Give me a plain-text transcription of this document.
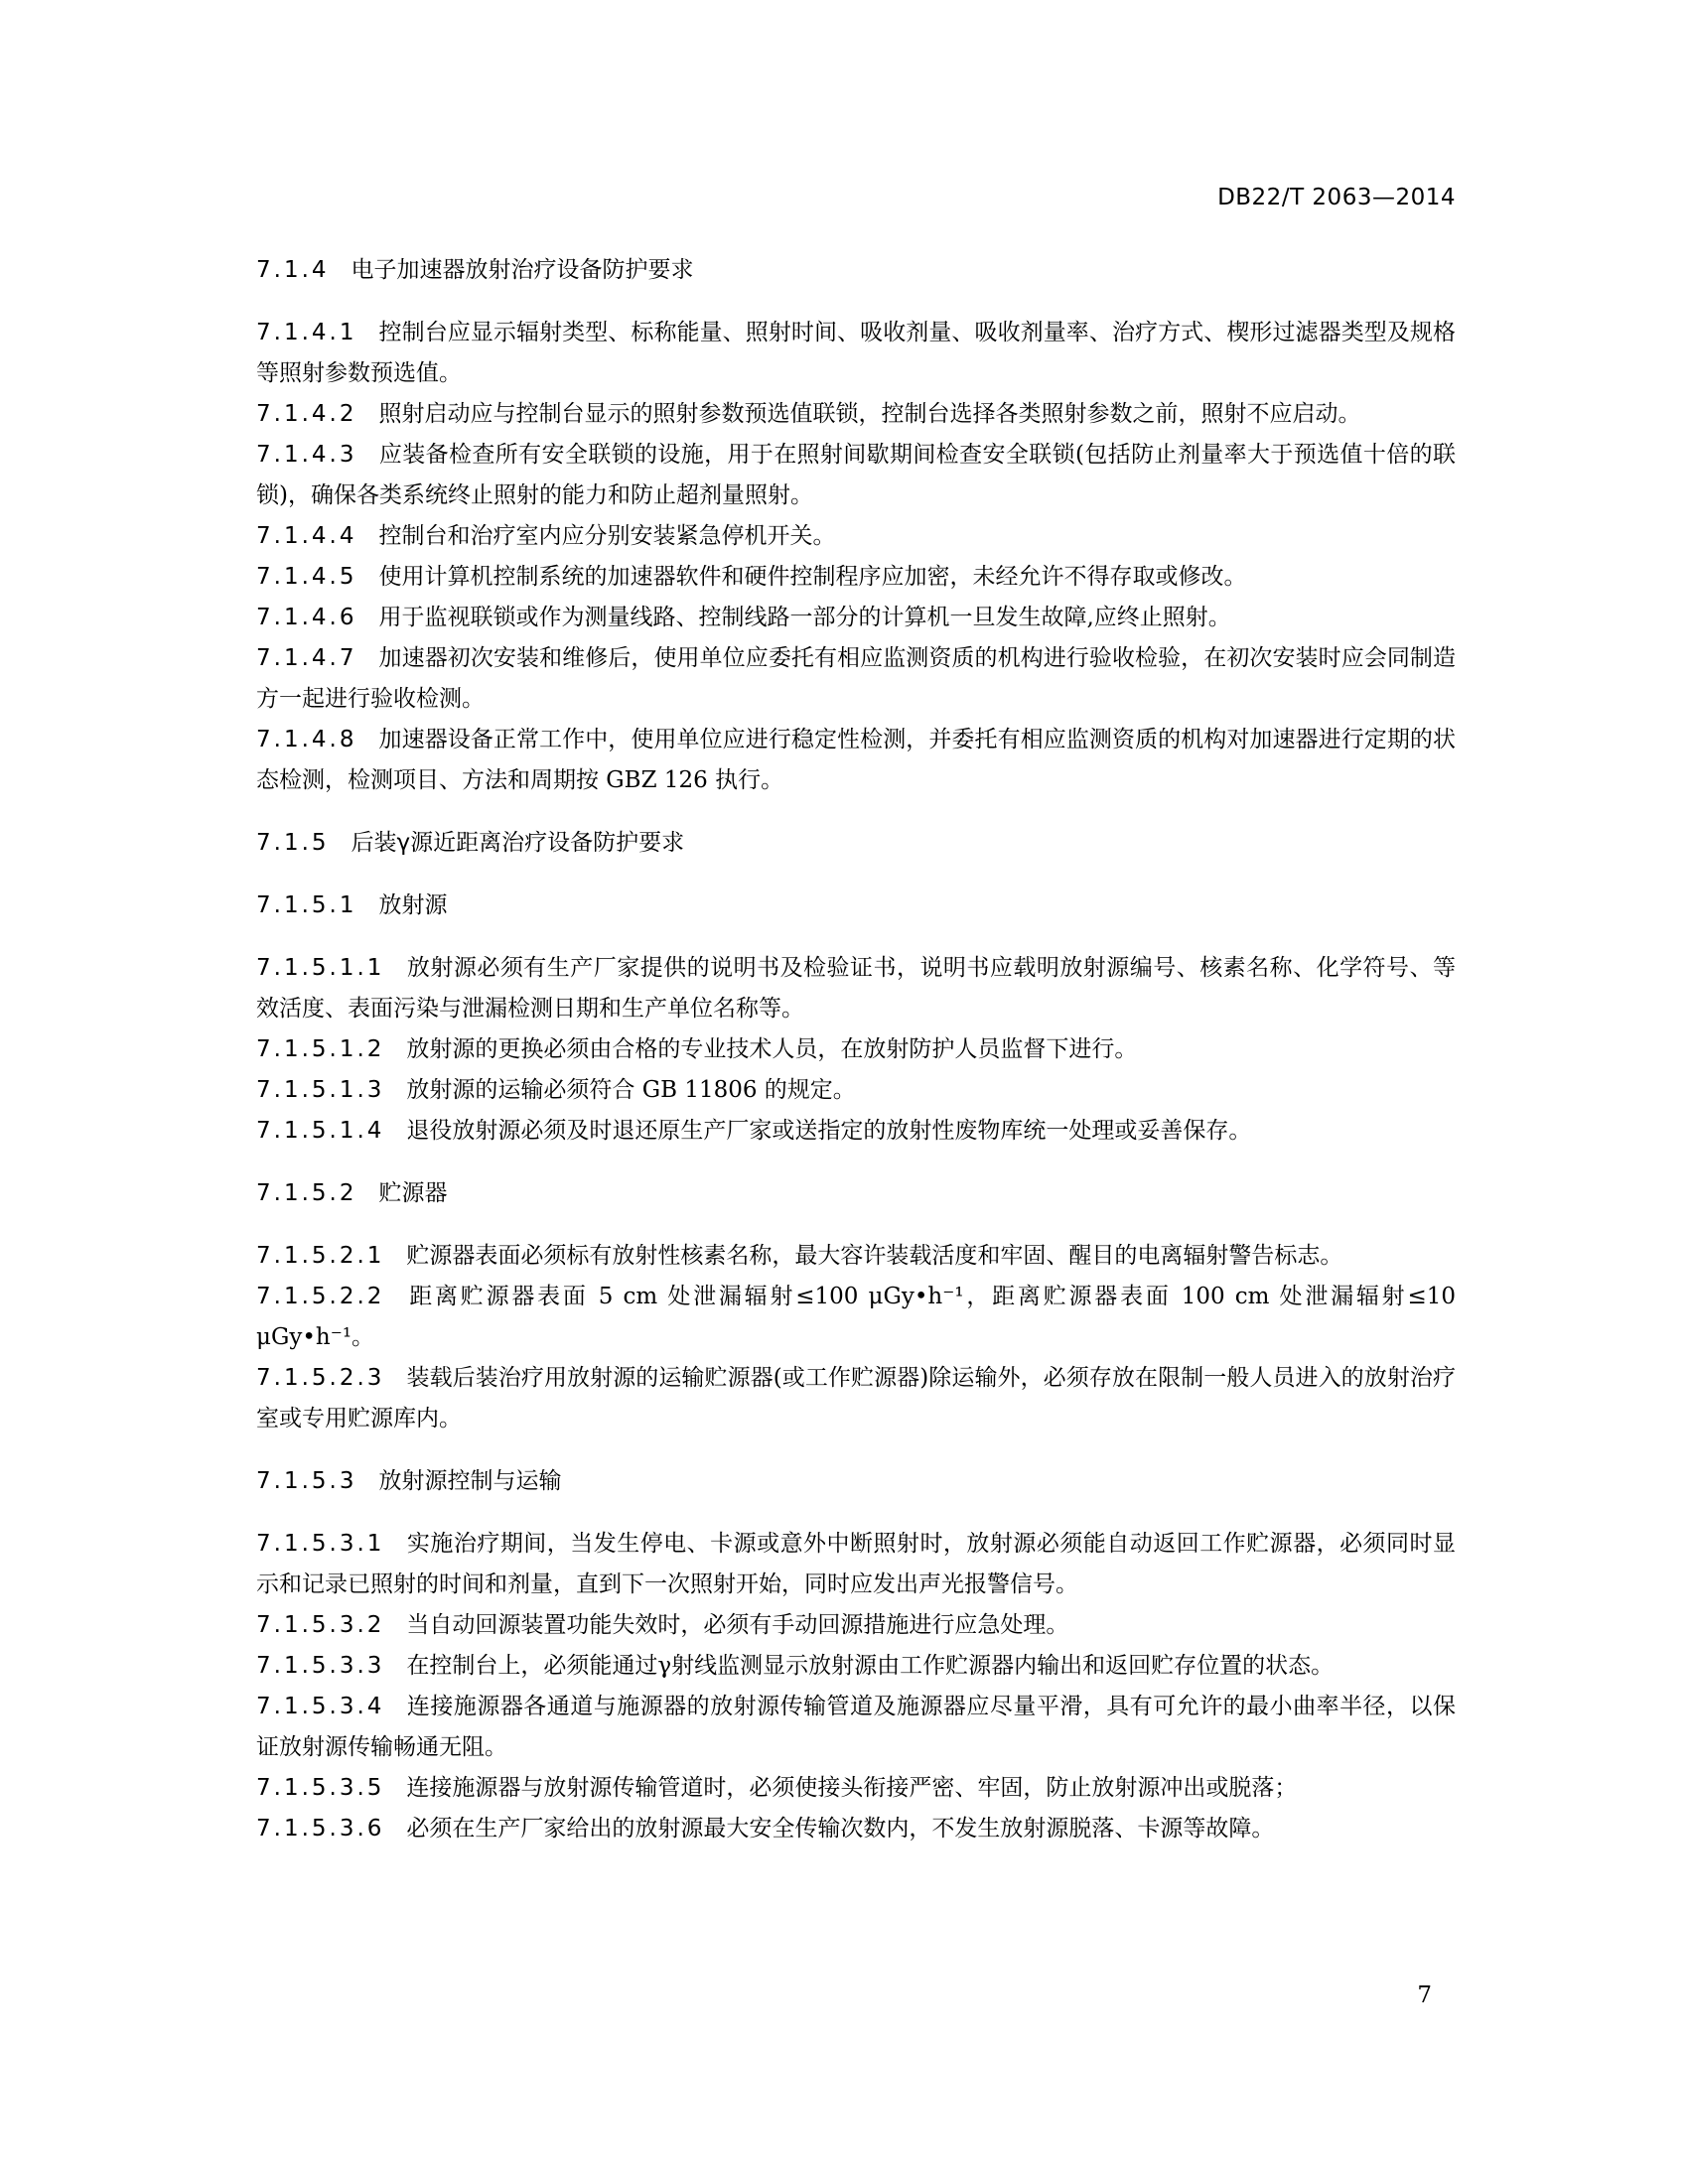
DB22/T 2063—2014
7.1.4 电子加速器放射治疗设备防护要求

7.1.4.1 控制台应显示辐射类型、标称能量、照射时间、吸收剂量、吸收剂量率、治疗方式、楔形过滤器类型及规格等照射参数预选值。

7.1.4.2 照射启动应与控制台显示的照射参数预选值联锁，控制台选择各类照射参数之前，照射不应启动。

7.1.4.3 应装备检查所有安全联锁的设施，用于在照射间歇期间检查安全联锁(包括防止剂量率大于预选值十倍的联锁)，确保各类系统终止照射的能力和防止超剂量照射。

7.1.4.4 控制台和治疗室内应分别安装紧急停机开关。

7.1.4.5 使用计算机控制系统的加速器软件和硬件控制程序应加密，未经允许不得存取或修改。

7.1.4.6 用于监视联锁或作为测量线路、控制线路一部分的计算机一旦发生故障,应终止照射。

7.1.4.7 加速器初次安装和维修后，使用单位应委托有相应监测资质的机构进行验收检验，在初次安装时应会同制造方一起进行验收检测。

7.1.4.8 加速器设备正常工作中，使用单位应进行稳定性检测，并委托有相应监测资质的机构对加速器进行定期的状态检测，检测项目、方法和周期按 GBZ 126 执行。

7.1.5 后装γ源近距离治疗设备防护要求
7.1.5.1 放射源

7.1.5.1.1 放射源必须有生产厂家提供的说明书及检验证书，说明书应载明放射源编号、核素名称、化学符号、等效活度、表面污染与泄漏检测日期和生产单位名称等。

7.1.5.1.2 放射源的更换必须由合格的专业技术人员，在放射防护人员监督下进行。

7.1.5.1.3 放射源的运输必须符合 GB 11806 的规定。

7.1.5.1.4 退役放射源必须及时退还原生产厂家或送指定的放射性废物库统一处理或妥善保存。

7.1.5.2 贮源器

7.1.5.2.1 贮源器表面必须标有放射性核素名称，最大容许装载活度和牢固、醒目的电离辐射警告标志。

7.1.5.2.2 距离贮源器表面 5 cm 处泄漏辐射≤100 μGy•h⁻¹，距离贮源器表面 100 cm 处泄漏辐射≤10 μGy•h⁻¹。

7.1.5.2.3 装载后装治疗用放射源的运输贮源器(或工作贮源器)除运输外，必须存放在限制一般人员进入的放射治疗室或专用贮源库内。

7.1.5.3 放射源控制与运输

7.1.5.3.1 实施治疗期间，当发生停电、卡源或意外中断照射时，放射源必须能自动返回工作贮源器，必须同时显示和记录已照射的时间和剂量，直到下一次照射开始，同时应发出声光报警信号。

7.1.5.3.2 当自动回源装置功能失效时，必须有手动回源措施进行应急处理。

7.1.5.3.3 在控制台上，必须能通过γ射线监测显示放射源由工作贮源器内输出和返回贮存位置的状态。

7.1.5.3.4 连接施源器各通道与施源器的放射源传输管道及施源器应尽量平滑，具有可允许的最小曲率半径，以保证放射源传输畅通无阻。

7.1.5.3.5 连接施源器与放射源传输管道时，必须使接头衔接严密、牢固，防止放射源冲出或脱落；

7.1.5.3.6 必须在生产厂家给出的放射源最大安全传输次数内，不发生放射源脱落、卡源等故障。

7
